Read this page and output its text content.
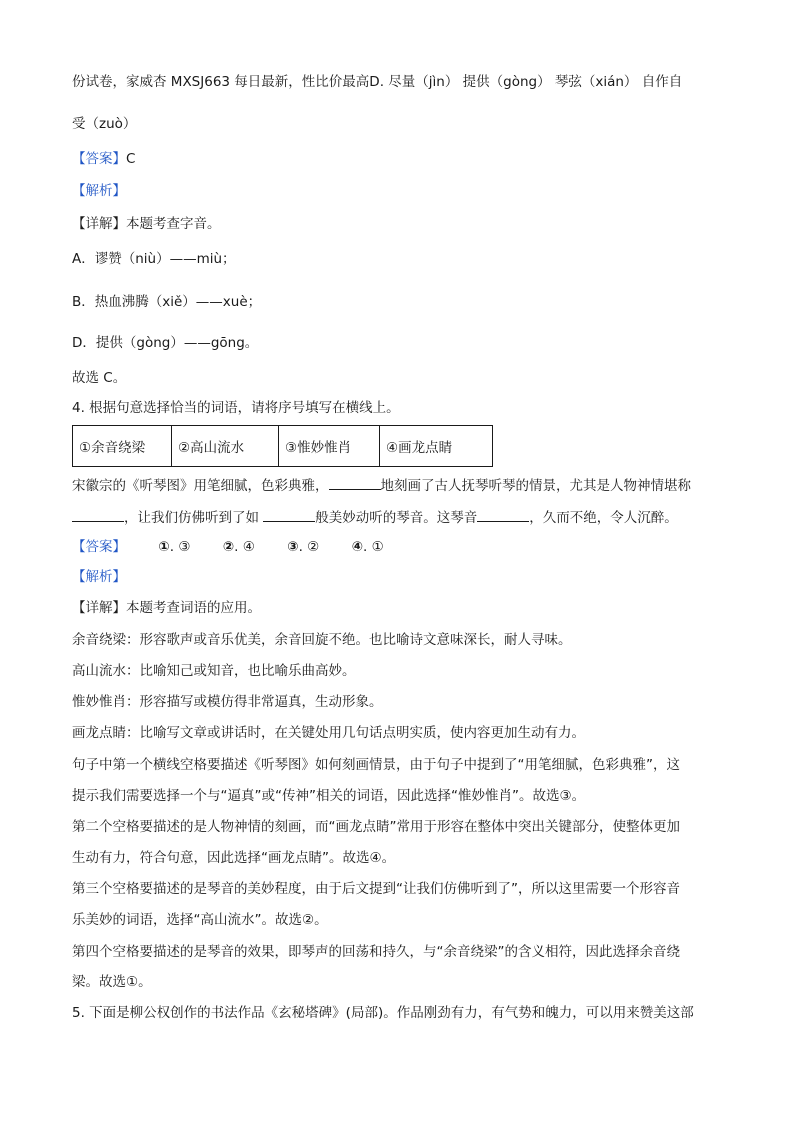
份试卷，家威杏 MXSJ663 每日最新，性比价最高D. 尽量（jìn） 提供（gòng） 琴弦（xián） 自作自
受（zuò）
【答案】C
【解析】
【详解】本题考查字音。
A．谬赞（niù）——miù；
B．热血沸腾（xiě）——xuè；
D．提供（gòng）——gōng。
故选 C。
4. 根据句意选择恰当的词语，请将序号填写在横线上。
①余音绕梁	②高山流水	③惟妙惟肖	④画龙点睛
宋徽宗的《听琴图》用笔细腻，色彩典雅，	地刻画了古人抚琴听琴的情景，尤其是人物神情堪称
，让我们仿佛听到了如	般美妙动听的琴音。这琴音	，久而不绝，令人沉醉。
【答案】 ①. ③ ②. ④ ③. ② ④. ①
【解析】
【详解】本题考查词语的应用。
余音绕梁：形容歌声或音乐优美，余音回旋不绝。也比喻诗文意味深长，耐人寻味。
高山流水：比喻知己或知音，也比喻乐曲高妙。
惟妙惟肖：形容描写或模仿得非常逼真，生动形象。
画龙点睛：比喻写文章或讲话时，在关键处用几句话点明实质，使内容更加生动有力。
句子中第一个横线空格要描述《听琴图》如何刻画情景，由于句子中提到了“用笔细腻，色彩典雅”，这
提示我们需要选择一个与“逼真”或“传神”相关的词语，因此选择“惟妙惟肖”。故选③。
第二个空格要描述的是人物神情的刻画，而“画龙点睛”常用于形容在整体中突出关键部分，使整体更加
生动有力，符合句意，因此选择“画龙点睛”。故选④。
第三个空格要描述的是琴音的美妙程度，由于后文提到“让我们仿佛听到了”，所以这里需要一个形容音
乐美妙的词语，选择“高山流水”。故选②。
第四个空格要描述的是琴音的效果，即琴声的回荡和持久，与“余音绕梁”的含义相符，因此选择余音绕
梁。故选①。
5. 下面是柳公权创作的书法作品《玄秘塔碑》(局部)。作品刚劲有力，有气势和魄力，可以用来赞美这部
